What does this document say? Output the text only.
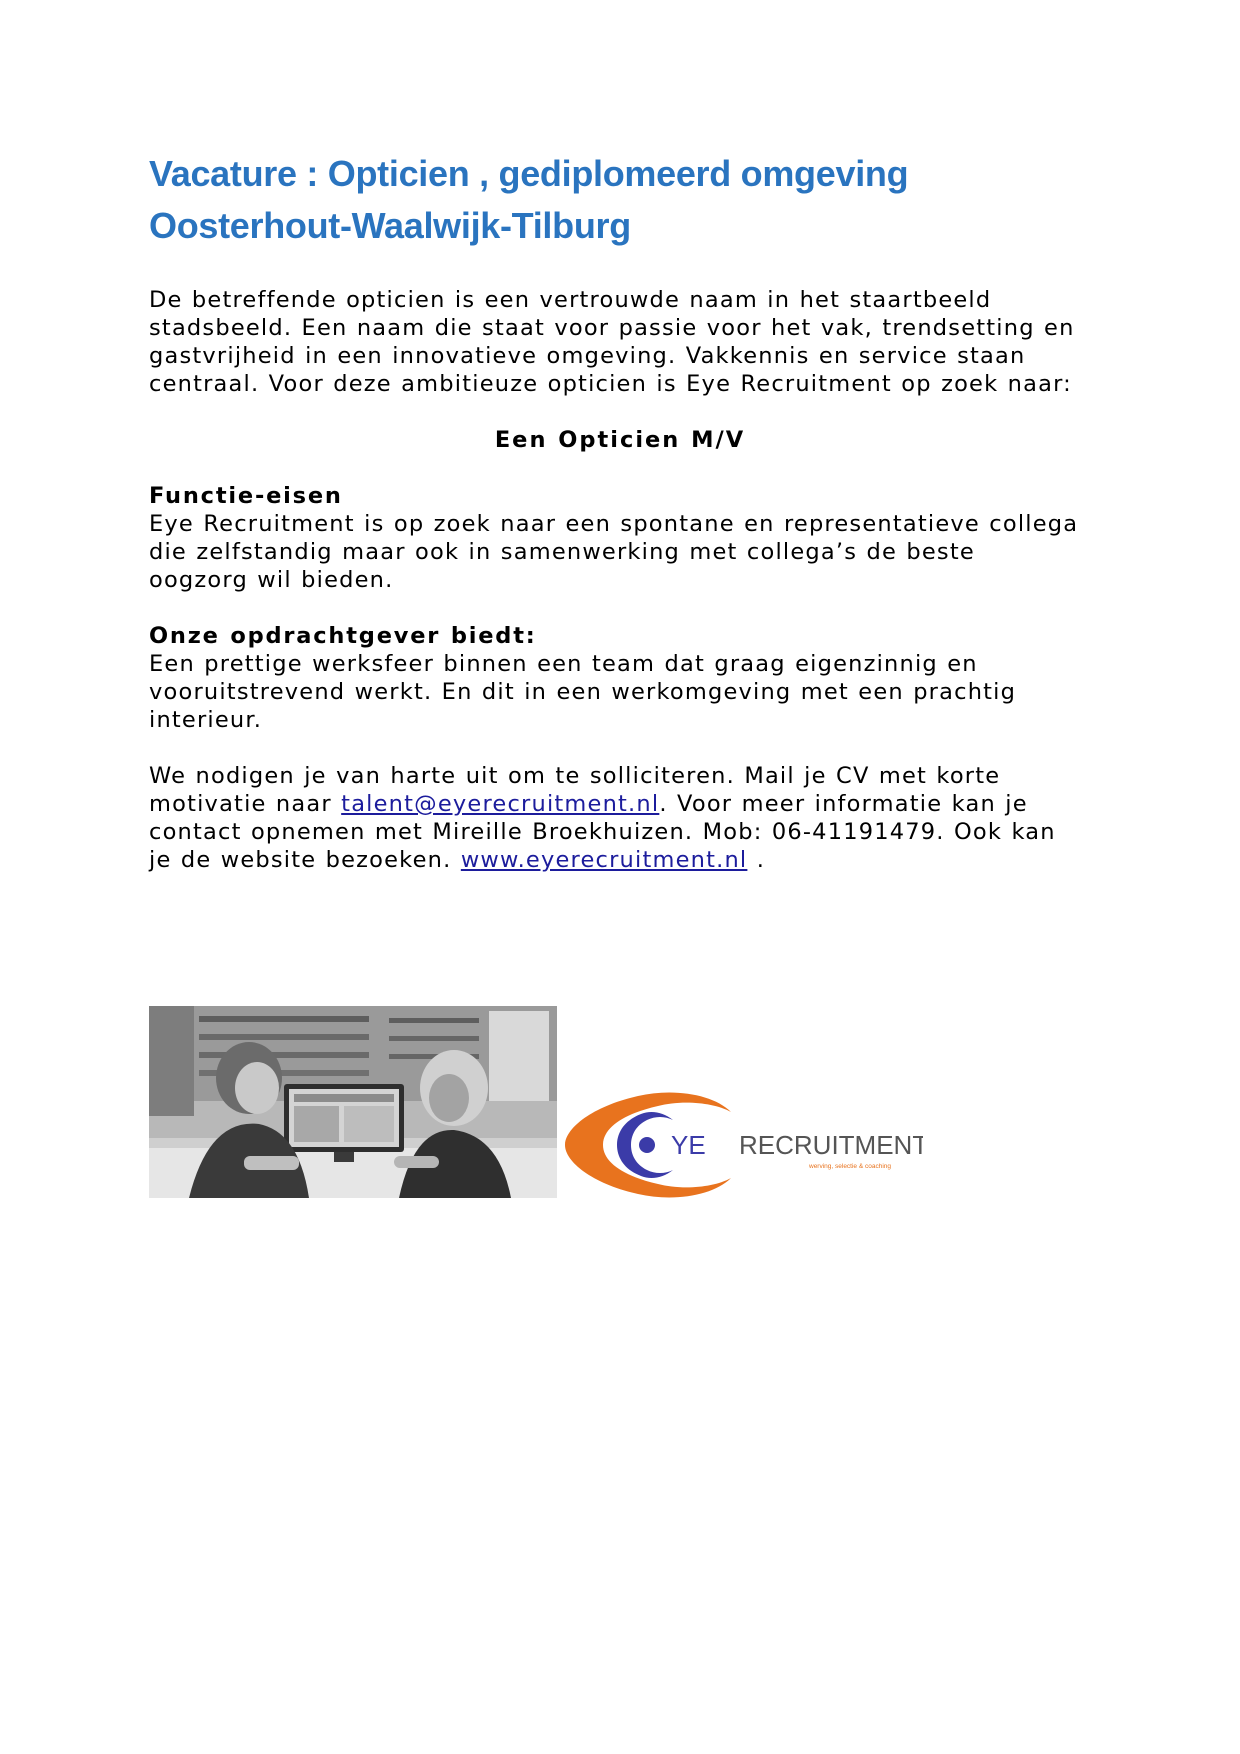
Vacature : Opticien , gediplomeerd omgeving
Oosterhout-Waalwijk-Tilburg
De betreffende opticien is een vertrouwde naam in het staartbeeld stadsbeeld. Een naam die staat voor passie voor het vak, trendsetting en gastvrijheid in een innovatieve omgeving. Vakkennis en service staan centraal. Voor deze ambitieuze opticien is Eye Recruitment op zoek naar:
Een Opticien M/V
Functie-eisen
Eye Recruitment is op zoek naar een spontane en representatieve collega die zelfstandig maar ook in samenwerking met collega’s de beste oogzorg wil bieden.
Onze opdrachtgever biedt:
Een prettige werksfeer binnen een team dat graag eigenzinnig en vooruitstrevend werkt. En dit in een werkomgeving met een prachtig interieur.
We nodigen je van harte uit om te solliciteren. Mail je CV met korte motivatie naar talent@eyerecruitment.nl. Voor meer informatie kan je contact opnemen met Mireille Broekhuizen. Mob: 06-41191479. Ook kan je de website bezoeken. www.eyerecruitment.nl .
YE RECRUITMENT
werving, selectie & coaching
